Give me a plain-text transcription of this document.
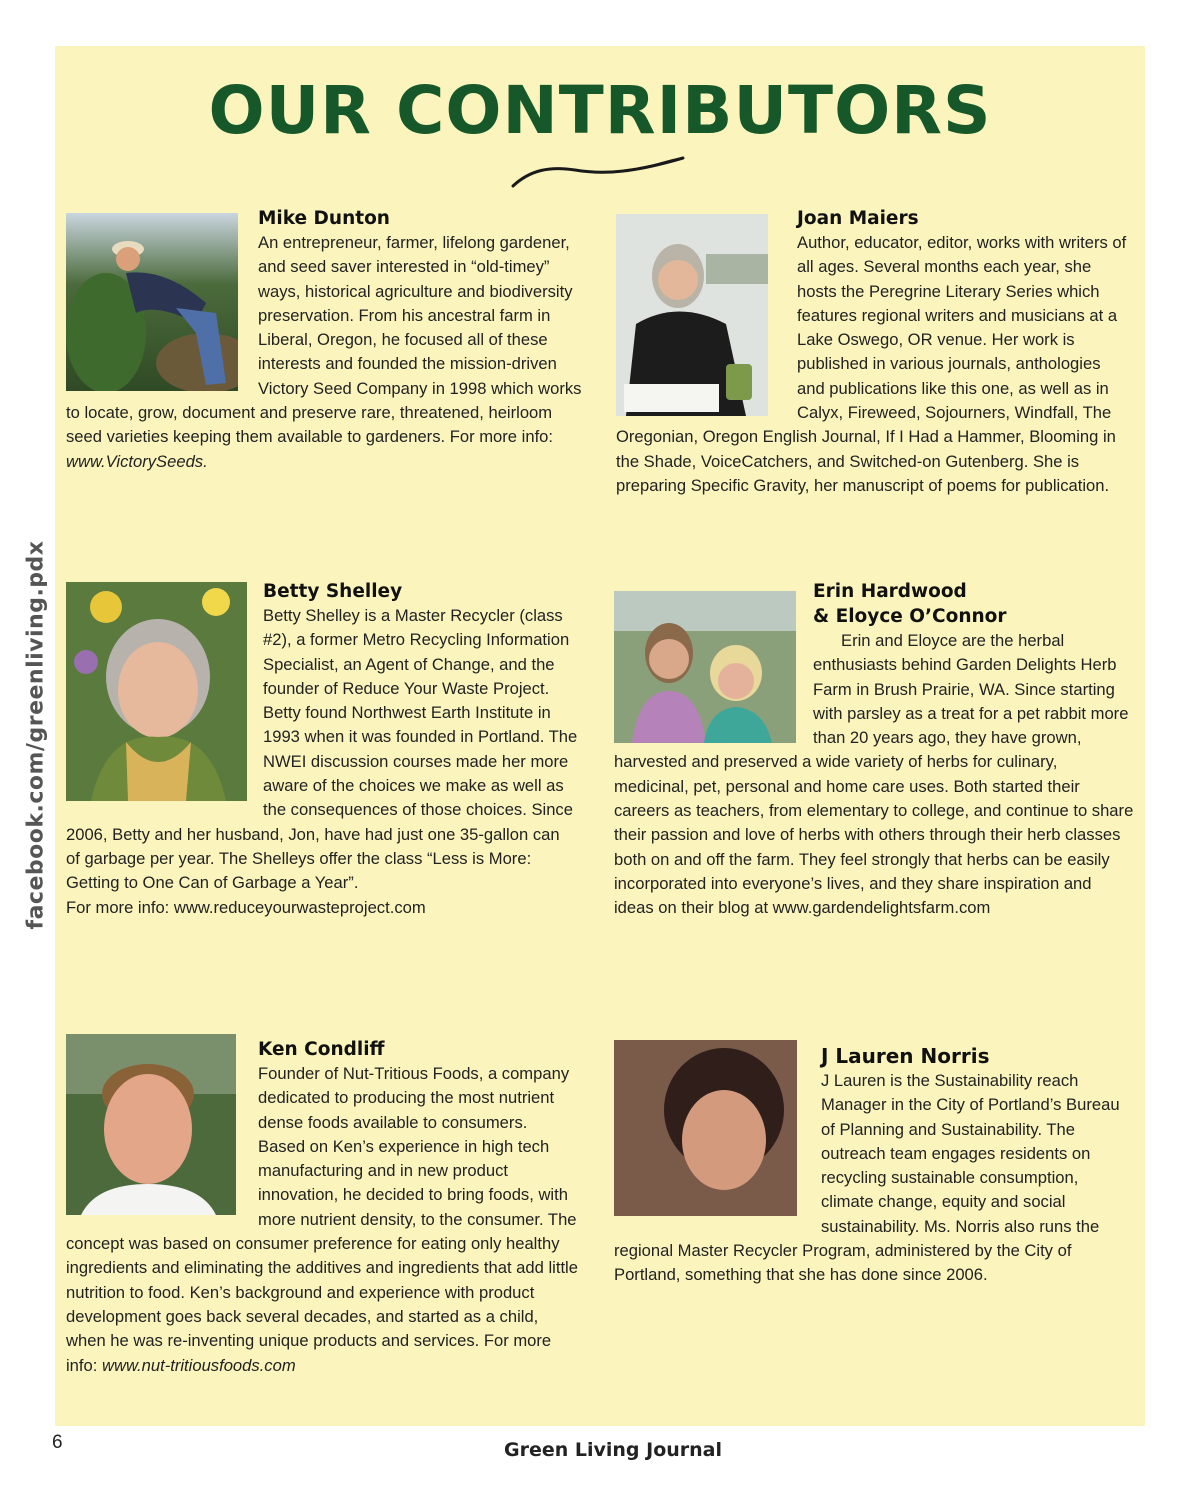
OUR CONTRIBUTORS
facebook.com/greenliving.pdx

Mike Dunton

An entrepreneur, farmer, lifelong gardener, and seed saver interested in “old-timey” ways, historical agriculture and biodiversity preservation. From his ancestral farm in Liberal, Oregon, he focused all of these interests and founded the mission-driven Victory Seed Company in 1998 which works to locate, grow, document and preserve rare, threatened, heirloom seed varieties keeping them available to gardeners. For more info: www.VictorySeeds.

Joan Maiers

Author, educator, editor, works with writers of all ages. Several months each year, she hosts the Peregrine Literary Series which features regional writers and musicians at a Lake Oswego, OR venue. Her work is published in various journals, anthologies and publications like this one, as well as in Calyx, Fireweed, Sojourners, Windfall, The Oregonian, Oregon English Journal, If I Had a Hammer, Blooming in the Shade, VoiceCatchers, and Switched-on Gutenberg. She is preparing Specific Gravity, her manuscript of poems for publication.

Betty Shelley

Betty Shelley is a Master Recycler (class #2), a former Metro Recycling Information Specialist, an Agent of Change, and the founder of Reduce Your Waste Project. Betty found Northwest Earth Institute in 1993 when it was founded in Portland. The NWEI discussion courses made her more aware of the choices we make as well as the consequences of those choices. Since 2006, Betty and her husband, Jon, have had just one 35-gallon can of garbage per year. The Shelleys offer the class “Less is More: Getting to One Can of Garbage a Year”.
For more info: www.reduceyourwasteproject.com

Erin Hardwood

& Eloyce O’Connor

Erin and Eloyce are the herbal enthusiasts behind Garden Delights Herb Farm in Brush Prairie, WA. Since starting with parsley as a treat for a pet rabbit more than 20 years ago, they have grown, harvested and preserved a wide variety of herbs for culinary, medicinal, pet, personal and home care uses. Both started their careers as teachers, from elementary to college, and continue to share their passion and love of herbs with others through their herb classes both on and off the farm. They feel strongly that herbs can be easily incorporated into everyone’s lives, and they share inspiration and ideas on their blog at www.gardendelightsfarm.com

Ken Condliff

Founder of Nut-Tritious Foods, a company dedicated to producing the most nutrient dense foods available to consumers. Based on Ken’s experience in high tech manufacturing and in new product innovation, he decided to bring foods, with more nutrient density, to the consumer. The concept was based on consumer preference for eating only healthy ingredients and eliminating the additives and ingredients that add little nutrition to food. Ken’s background and experience with product development goes back several decades, and started as a child, when he was re-inventing unique products and services. For more info: www.nut-tritiousfoods.com

J Lauren Norris

J Lauren is the Sustainability reach Manager in the City of Portland’s Bureau of Planning and Sustainability. The outreach team engages residents on recycling sustainable consumption, climate change, equity and social sustainability. Ms. Norris also runs the regional Master Recycler Program, administered by the City of Portland, something that she has done since 2006.

6	Green Living Journal
